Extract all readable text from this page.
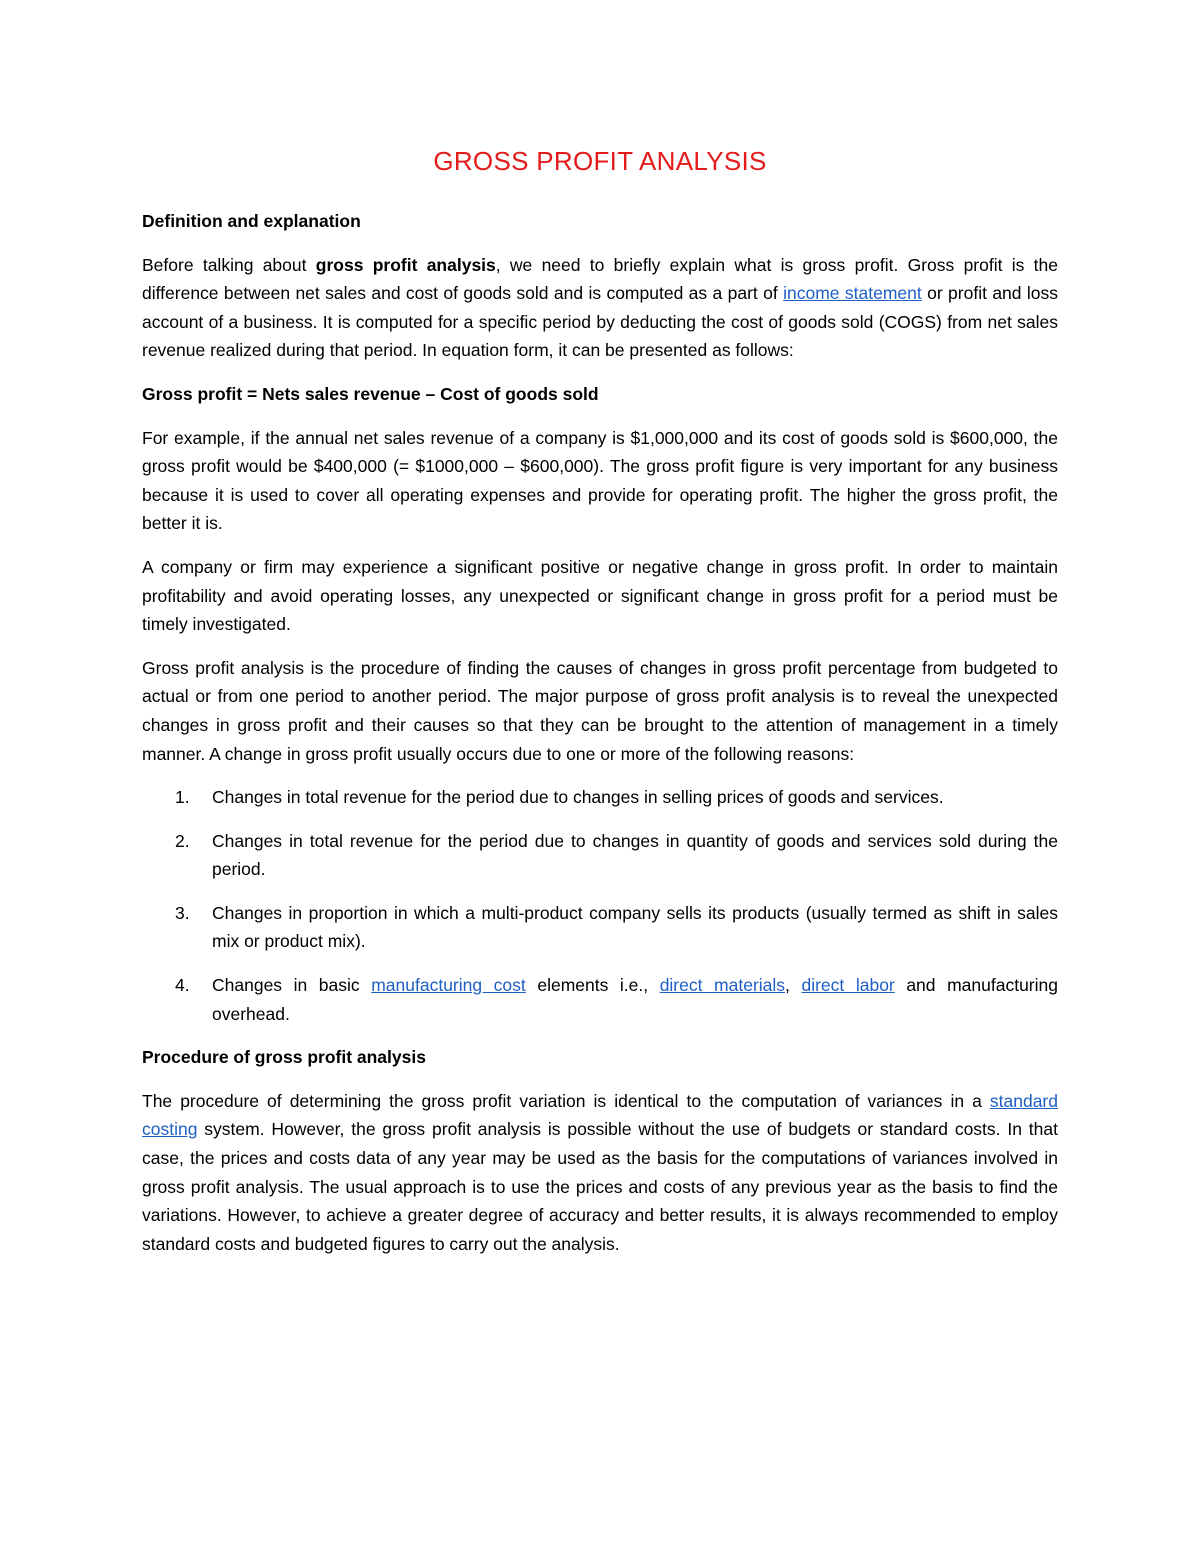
GROSS PROFIT ANALYSIS
Definition and explanation

Before talking about gross profit analysis, we need to briefly explain what is gross profit. Gross profit is the difference between net sales and cost of goods sold and is computed as a part of income statement or profit and loss account of a business. It is computed for a specific period by deducting the cost of goods sold (COGS) from net sales revenue realized during that period. In equation form, it can be presented as follows:

Gross profit = Nets sales revenue – Cost of goods sold

For example, if the annual net sales revenue of a company is $1,000,000 and its cost of goods sold is $600,000, the gross profit would be $400,000 (= $1000,000 – $600,000). The gross profit figure is very important for any business because it is used to cover all operating expenses and provide for operating profit. The higher the gross profit, the better it is.

A company or firm may experience a significant positive or negative change in gross profit. In order to maintain profitability and avoid operating losses, any unexpected or significant change in gross profit for a period must be timely investigated.

Gross profit analysis is the procedure of finding the causes of changes in gross profit percentage from budgeted to actual or from one period to another period. The major purpose of gross profit analysis is to reveal the unexpected changes in gross profit and their causes so that they can be brought to the attention of management in a timely manner. A change in gross profit usually occurs due to one or more of the following reasons:

1. Changes in total revenue for the period due to changes in selling prices of goods and services.
2. Changes in total revenue for the period due to changes in quantity of goods and services sold during the period.
3. Changes in proportion in which a multi-product company sells its products (usually termed as shift in sales mix or product mix).
4. Changes in basic manufacturing cost elements i.e., direct materials, direct labor and manufacturing overhead.
Procedure of gross profit analysis

The procedure of determining the gross profit variation is identical to the computation of variances in a standard costing system. However, the gross profit analysis is possible without the use of budgets or standard costs. In that case, the prices and costs data of any year may be used as the basis for the computations of variances involved in gross profit analysis. The usual approach is to use the prices and costs of any previous year as the basis to find the variations. However, to achieve a greater degree of accuracy and better results, it is always recommended to employ standard costs and budgeted figures to carry out the analysis.
